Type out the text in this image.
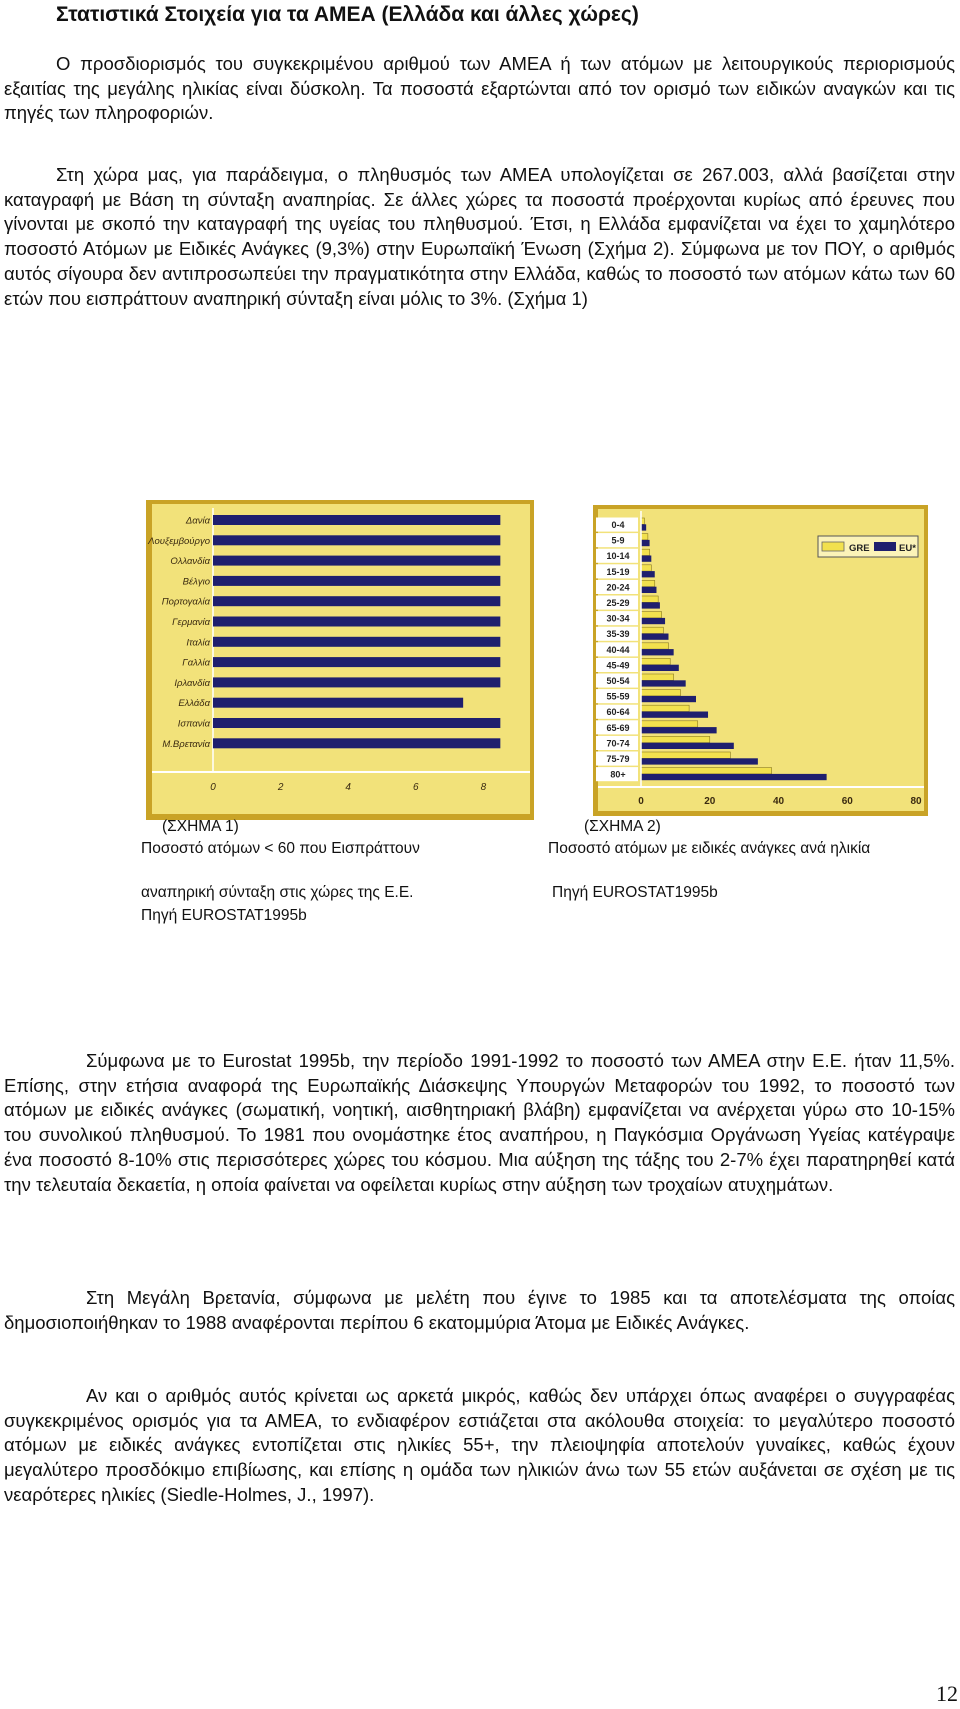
Στατιστικά Στοιχεία για τα ΑΜΕΑ (Ελλάδα και άλλες χώρες)

Ο προσδιορισμός του συγκεκριμένου αριθμού των ΑΜΕΑ ή των ατόμων με λειτουργικούς περιορισμούς εξαιτίας της μεγάλης ηλικίας είναι δύσκολη. Τα ποσοστά εξαρτώνται από τον ορισμό των ειδικών αναγκών και τις πηγές των πληροφοριών.

Στη χώρα μας, για παράδειγμα, ο πληθυσμός των ΑΜΕΑ υπολογίζεται σε 267.003, αλλά βασίζεται στην καταγραφή με Βάση τη σύνταξη αναπηρίας. Σε άλλες χώρες τα ποσοστά προέρχονται κυρίως από έρευνες που γίνονται με σκοπό την καταγραφή της υγείας του πληθυσμού. Έτσι, η Ελλάδα εμφανίζεται να έχει το χαμηλότερο ποσοστό Ατόμων με Ειδικές Ανάγκες (9,3%) στην Ευρωπαϊκή Ένωση (Σχήμα 2). Σύμφωνα με τον ΠΟΥ, ο αριθμός αυτός σίγουρα δεν αντιπροσωπεύει την πραγματικότητα στην Ελλάδα, καθώς το ποσοστό των ατόμων κάτω των 60 ετών που εισπράττουν αναπηρική σύνταξη είναι μόλις το 3%. (Σχήμα 1)

Δανία
Λουξεμβούργο
Ολλανδία
Βέλγιο
Πορτογαλία
Γερμανία
Ιταλία
Γαλλία
Ιρλανδία
Ελλάδα
Ισπανία
Μ.Βρετανία
0	2	4	6	8
0-4
5-9
10-14
15-19
20-24
25-29
30-34
35-39
40-44
45-49
50-54
55-59
60-64
65-69
70-74
75-79
80+
0	20	40	60	80
GRE	EU*

(ΣΧΗΜΑ 1)

Ποσοστό ατόμων < 60 που Εισπράττουν

αναπηρική σύνταξη στις χώρες της Ε.Ε.

Πηγή EUROSTAT1995b

(ΣΧΗΜΑ 2)

Ποσοστό ατόμων με ειδικές ανάγκες ανά ηλικία

Πηγή EUROSTAT1995b

Σύμφωνα με το Eurostat 1995b, την περίοδο 1991-1992 το ποσοστό των ΑΜΕΑ στην Ε.Ε. ήταν 11,5%. Επίσης, στην ετήσια αναφορά της Ευρωπαϊκής Διάσκεψης Υπουργών Μεταφορών του 1992, το ποσοστό των ατόμων με ειδικές ανάγκες (σωματική, νοητική, αισθητηριακή βλάβη) εμφανίζεται να ανέρχεται γύρω στο 10-15% του συνολικού πληθυσμού. Το 1981 που ονομάστηκε έτος αναπήρου, η Παγκόσμια Οργάνωση Υγείας κατέγραψε ένα ποσοστό 8-10% στις περισσότερες χώρες του κόσμου. Μια αύξηση της τάξης του 2-7% έχει παρατηρηθεί κατά την τελευταία δεκαετία, η οποία φαίνεται να οφείλεται κυρίως στην αύξηση των τροχαίων ατυχημάτων.

Στη Μεγάλη Βρετανία, σύμφωνα με μελέτη που έγινε το 1985 και τα αποτελέσματα της οποίας δημοσιοποιήθηκαν το 1988 αναφέρονται περίπου 6 εκατομμύρια Άτομα με Ειδικές Ανάγκες.

Αν και ο αριθμός αυτός κρίνεται ως αρκετά μικρός, καθώς δεν υπάρχει όπως αναφέρει ο συγγραφέας συγκεκριμένος ορισμός για τα ΑΜΕΑ, το ενδιαφέρον εστιάζεται στα ακόλουθα στοιχεία: το μεγαλύτερο ποσοστό ατόμων με ειδικές ανάγκες εντοπίζεται στις ηλικίες 55+, την πλειοψηφία αποτελούν γυναίκες, καθώς έχουν μεγαλύτερο προσδόκιμο επιβίωσης, και επίσης η ομάδα των ηλικιών άνω των 55 ετών αυξάνεται σε σχέση με τις νεαρότερες ηλικίες (Siedle-Holmes, J., 1997).

12
